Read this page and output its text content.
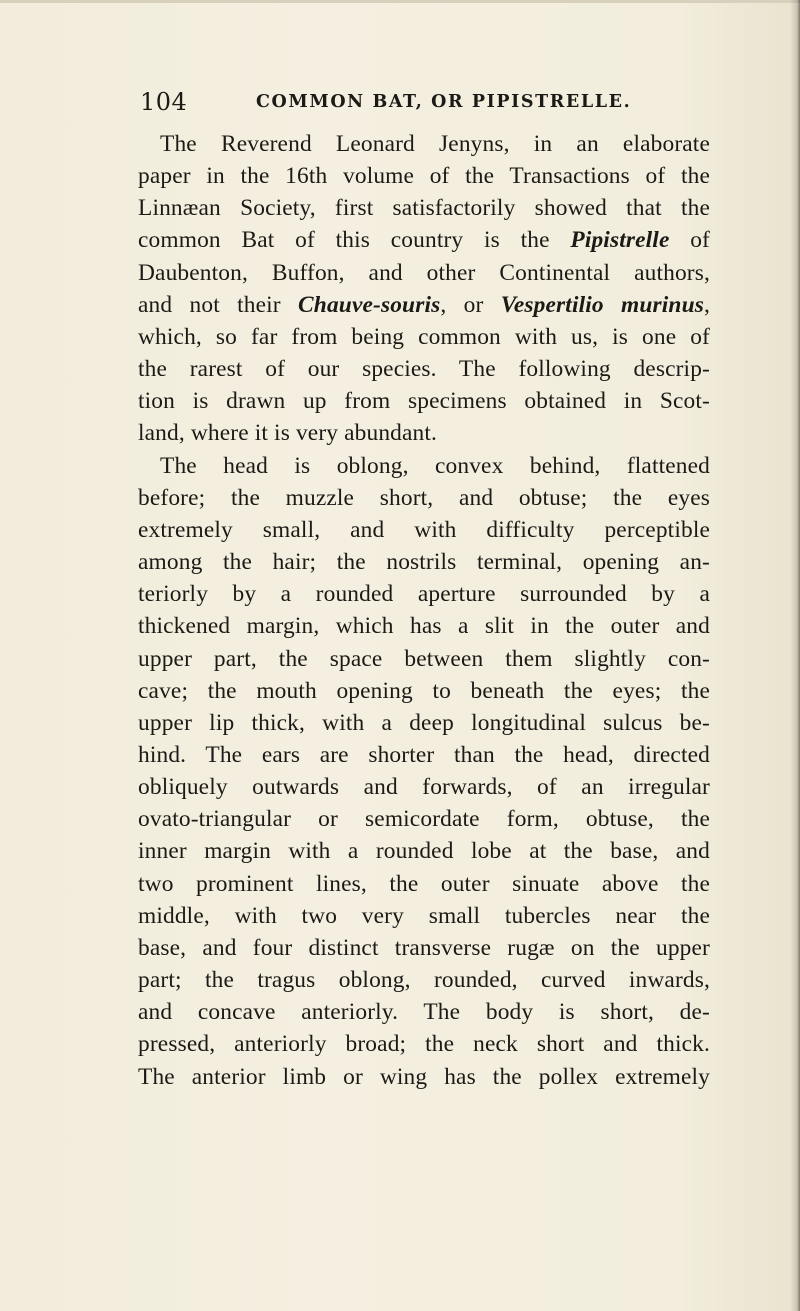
104	COMMON BAT, OR PIPISTRELLE.
The Reverend Leonard Jenyns, in an elaborate
paper in the 16th volume of the Transactions of the
Linnæan Society, first satisfactorily showed that the
common Bat of this country is the Pipistrelle of
Daubenton, Buffon, and other Continental authors,
and not their Chauve-souris, or Vespertilio murinus,
which, so far from being common with us, is one of
the rarest of our species. The following descrip-
tion is drawn up from specimens obtained in Scot-
land, where it is very abundant.
The head is oblong, convex behind, flattened
before; the muzzle short, and obtuse; the eyes
extremely small, and with difficulty perceptible
among the hair; the nostrils terminal, opening an-
teriorly by a rounded aperture surrounded by a
thickened margin, which has a slit in the outer and
upper part, the space between them slightly con-
cave; the mouth opening to beneath the eyes; the
upper lip thick, with a deep longitudinal sulcus be-
hind. The ears are shorter than the head, directed
obliquely outwards and forwards, of an irregular
ovato-triangular or semicordate form, obtuse, the
inner margin with a rounded lobe at the base, and
two prominent lines, the outer sinuate above the
middle, with two very small tubercles near the
base, and four distinct transverse rugæ on the upper
part; the tragus oblong, rounded, curved inwards,
and concave anteriorly. The body is short, de-
pressed, anteriorly broad; the neck short and thick.
The anterior limb or wing has the pollex extremely
